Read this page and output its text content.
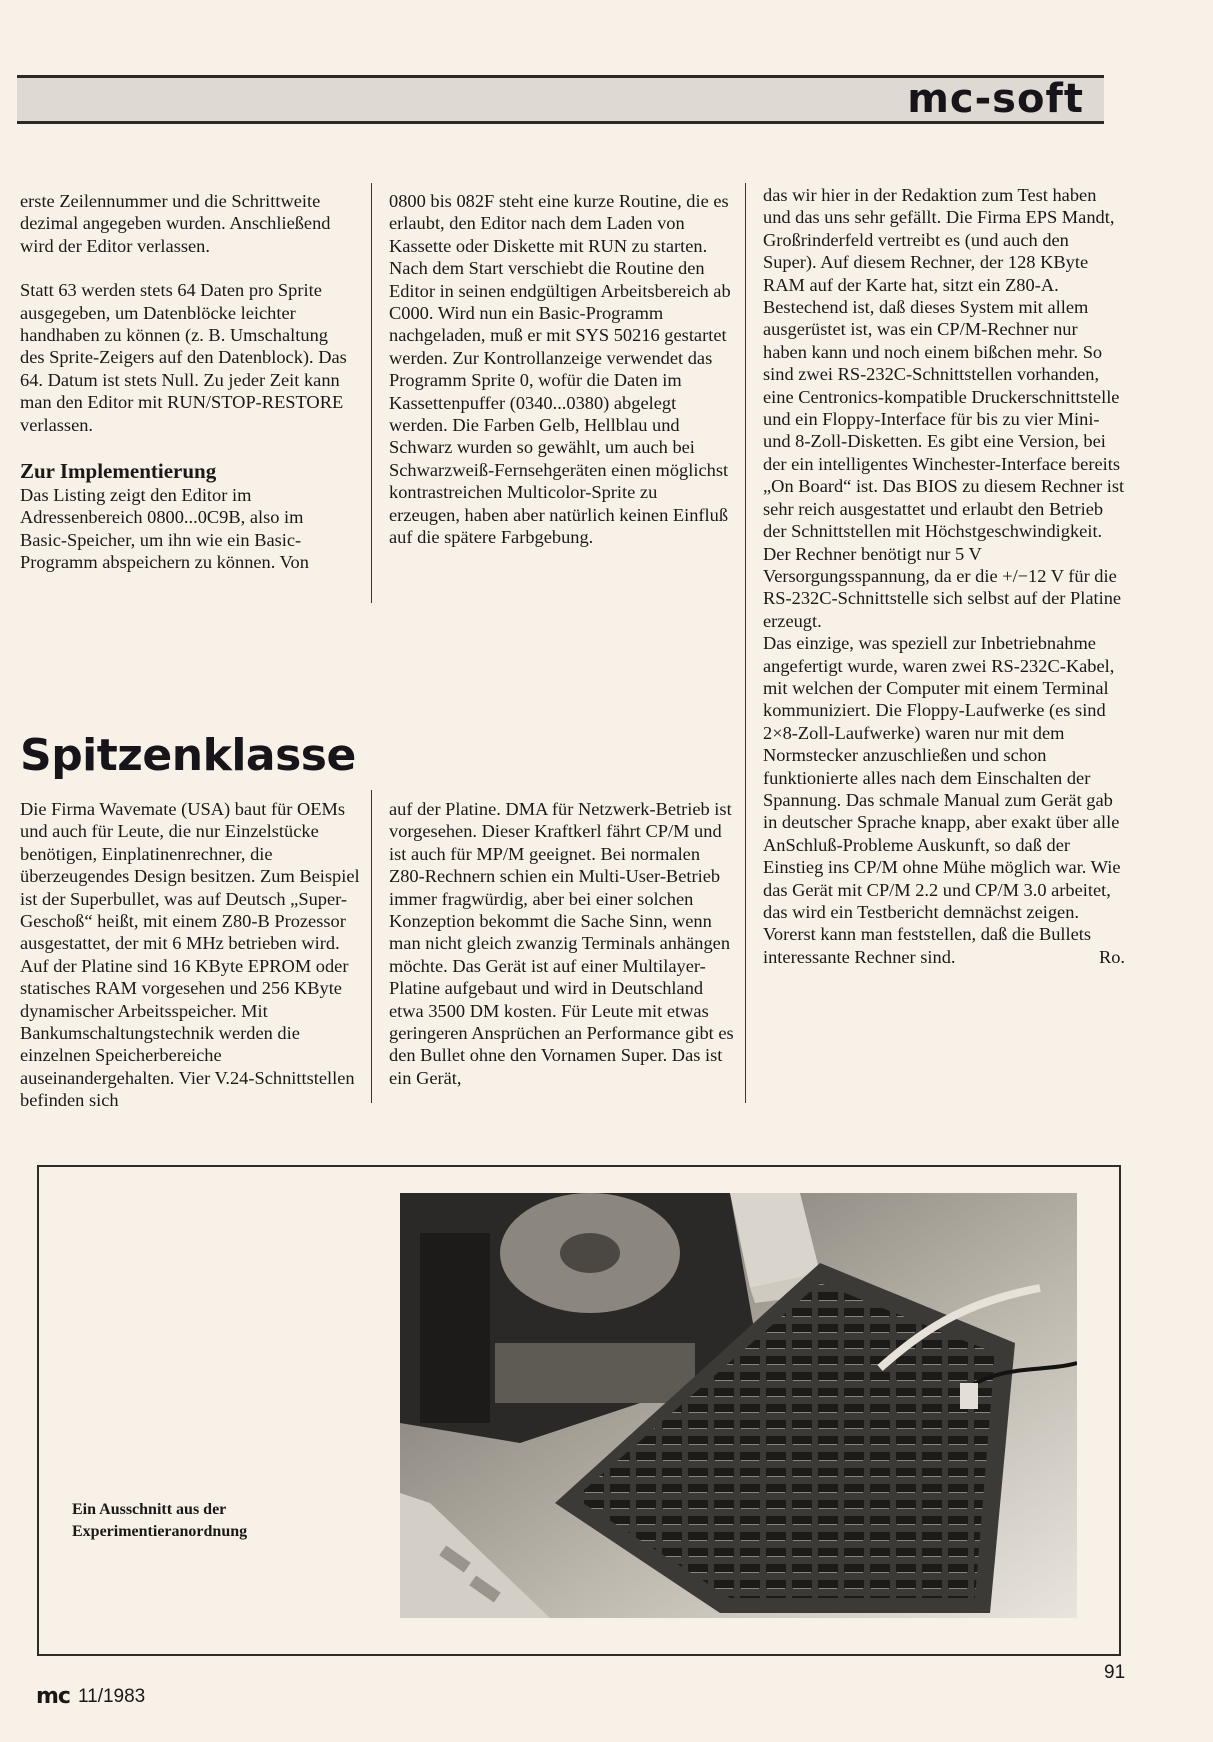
mc-soft

erste Zeilennummer und die Schrittweite dezimal angegeben wurden. Anschließend wird der Editor verlassen.

Statt 63 werden stets 64 Daten pro Sprite ausgegeben, um Datenblöcke leichter handhaben zu können (z. B. Umschaltung des Sprite-Zeigers auf den Datenblock). Das 64. Datum ist stets Null. Zu jeder Zeit kann man den Editor mit RUN/STOP-RESTORE verlassen.

Zur Implementierung

Das Listing zeigt den Editor im Adressenbereich 0800...0C9B, also im Basic-Speicher, um ihn wie ein Basic-Programm abspeichern zu können. Von

0800 bis 082F steht eine kurze Routine, die es erlaubt, den Editor nach dem Laden von Kassette oder Diskette mit RUN zu starten. Nach dem Start verschiebt die Routine den Editor in seinen endgültigen Arbeitsbereich ab C000. Wird nun ein Basic-Programm nachgeladen, muß er mit SYS 50216 gestartet werden. Zur Kontrollanzeige verwendet das Programm Sprite 0, wofür die Daten im Kassettenpuffer (0340...0380) abgelegt werden. Die Farben Gelb, Hellblau und Schwarz wurden so gewählt, um auch bei Schwarzweiß-Fernsehgeräten einen möglichst kontrastreichen Multicolor-Sprite zu erzeugen, haben aber natürlich keinen Einfluß auf die spätere Farbgebung.

Spitzenklasse

Die Firma Wavemate (USA) baut für OEMs und auch für Leute, die nur Einzelstücke benötigen, Einplatinenrechner, die überzeugendes Design besitzen. Zum Beispiel ist der Superbullet, was auf Deutsch „Super-Geschoß“ heißt, mit einem Z80-B Prozessor ausgestattet, der mit 6 MHz betrieben wird. Auf der Platine sind 16 KByte EPROM oder statisches RAM vorgesehen und 256 KByte dynamischer Arbeitsspeicher. Mit Bankumschaltungstechnik werden die einzelnen Speicherbereiche auseinandergehalten. Vier V.24-Schnittstellen befinden sich

auf der Platine. DMA für Netzwerk-Betrieb ist vorgesehen. Dieser Kraftkerl fährt CP/M und ist auch für MP/M geeignet. Bei normalen Z80-Rechnern schien ein Multi-User-Betrieb immer fragwürdig, aber bei einer solchen Konzeption bekommt die Sache Sinn, wenn man nicht gleich zwanzig Terminals anhängen möchte. Das Gerät ist auf einer Multilayer-Platine aufgebaut und wird in Deutschland etwa 3500 DM kosten. Für Leute mit etwas geringeren Ansprüchen an Performance gibt es den Bullet ohne den Vornamen Super. Das ist ein Gerät,

das wir hier in der Redaktion zum Test haben und das uns sehr gefällt. Die Firma EPS Mandt, Großrinderfeld vertreibt es (und auch den Super). Auf diesem Rechner, der 128 KByte RAM auf der Karte hat, sitzt ein Z80-A. Bestechend ist, daß dieses System mit allem ausgerüstet ist, was ein CP/M-Rechner nur haben kann und noch einem bißchen mehr. So sind zwei RS-232C-Schnittstellen vorhanden, eine Centronics-kompatible Druckerschnittstelle und ein Floppy-Interface für bis zu vier Mini- und 8-Zoll-Disketten. Es gibt eine Version, bei der ein intelligentes Winchester-Interface bereits „On Board“ ist. Das BIOS zu diesem Rechner ist sehr reich ausgestattet und erlaubt den Betrieb der Schnittstellen mit Höchstgeschwindigkeit. Der Rechner benötigt nur 5 V Versorgungsspannung, da er die +/−12 V für die RS-232C-Schnittstelle sich selbst auf der Platine erzeugt.

Das einzige, was speziell zur Inbetriebnahme angefertigt wurde, waren zwei RS-232C-Kabel, mit welchen der Computer mit einem Terminal kommuniziert. Die Floppy-Laufwerke (es sind 2×8-Zoll-Laufwerke) waren nur mit dem Normstecker anzuschließen und schon funktionierte alles nach dem Einschalten der Spannung. Das schmale Manual zum Gerät gab in deutscher Sprache knapp, aber exakt über alle AnSchluß-Probleme Auskunft, so daß der Einstieg ins CP/M ohne Mühe möglich war. Wie das Gerät mit CP/M 2.2 und CP/M 3.0 arbeitet, das wird ein Testbericht demnächst zeigen. Vorerst kann man feststellen, daß die Bullets interessante Rechner sind.	Ro.

Ein Ausschnitt aus der Experimentieranordnung
mc 11/1983
91
